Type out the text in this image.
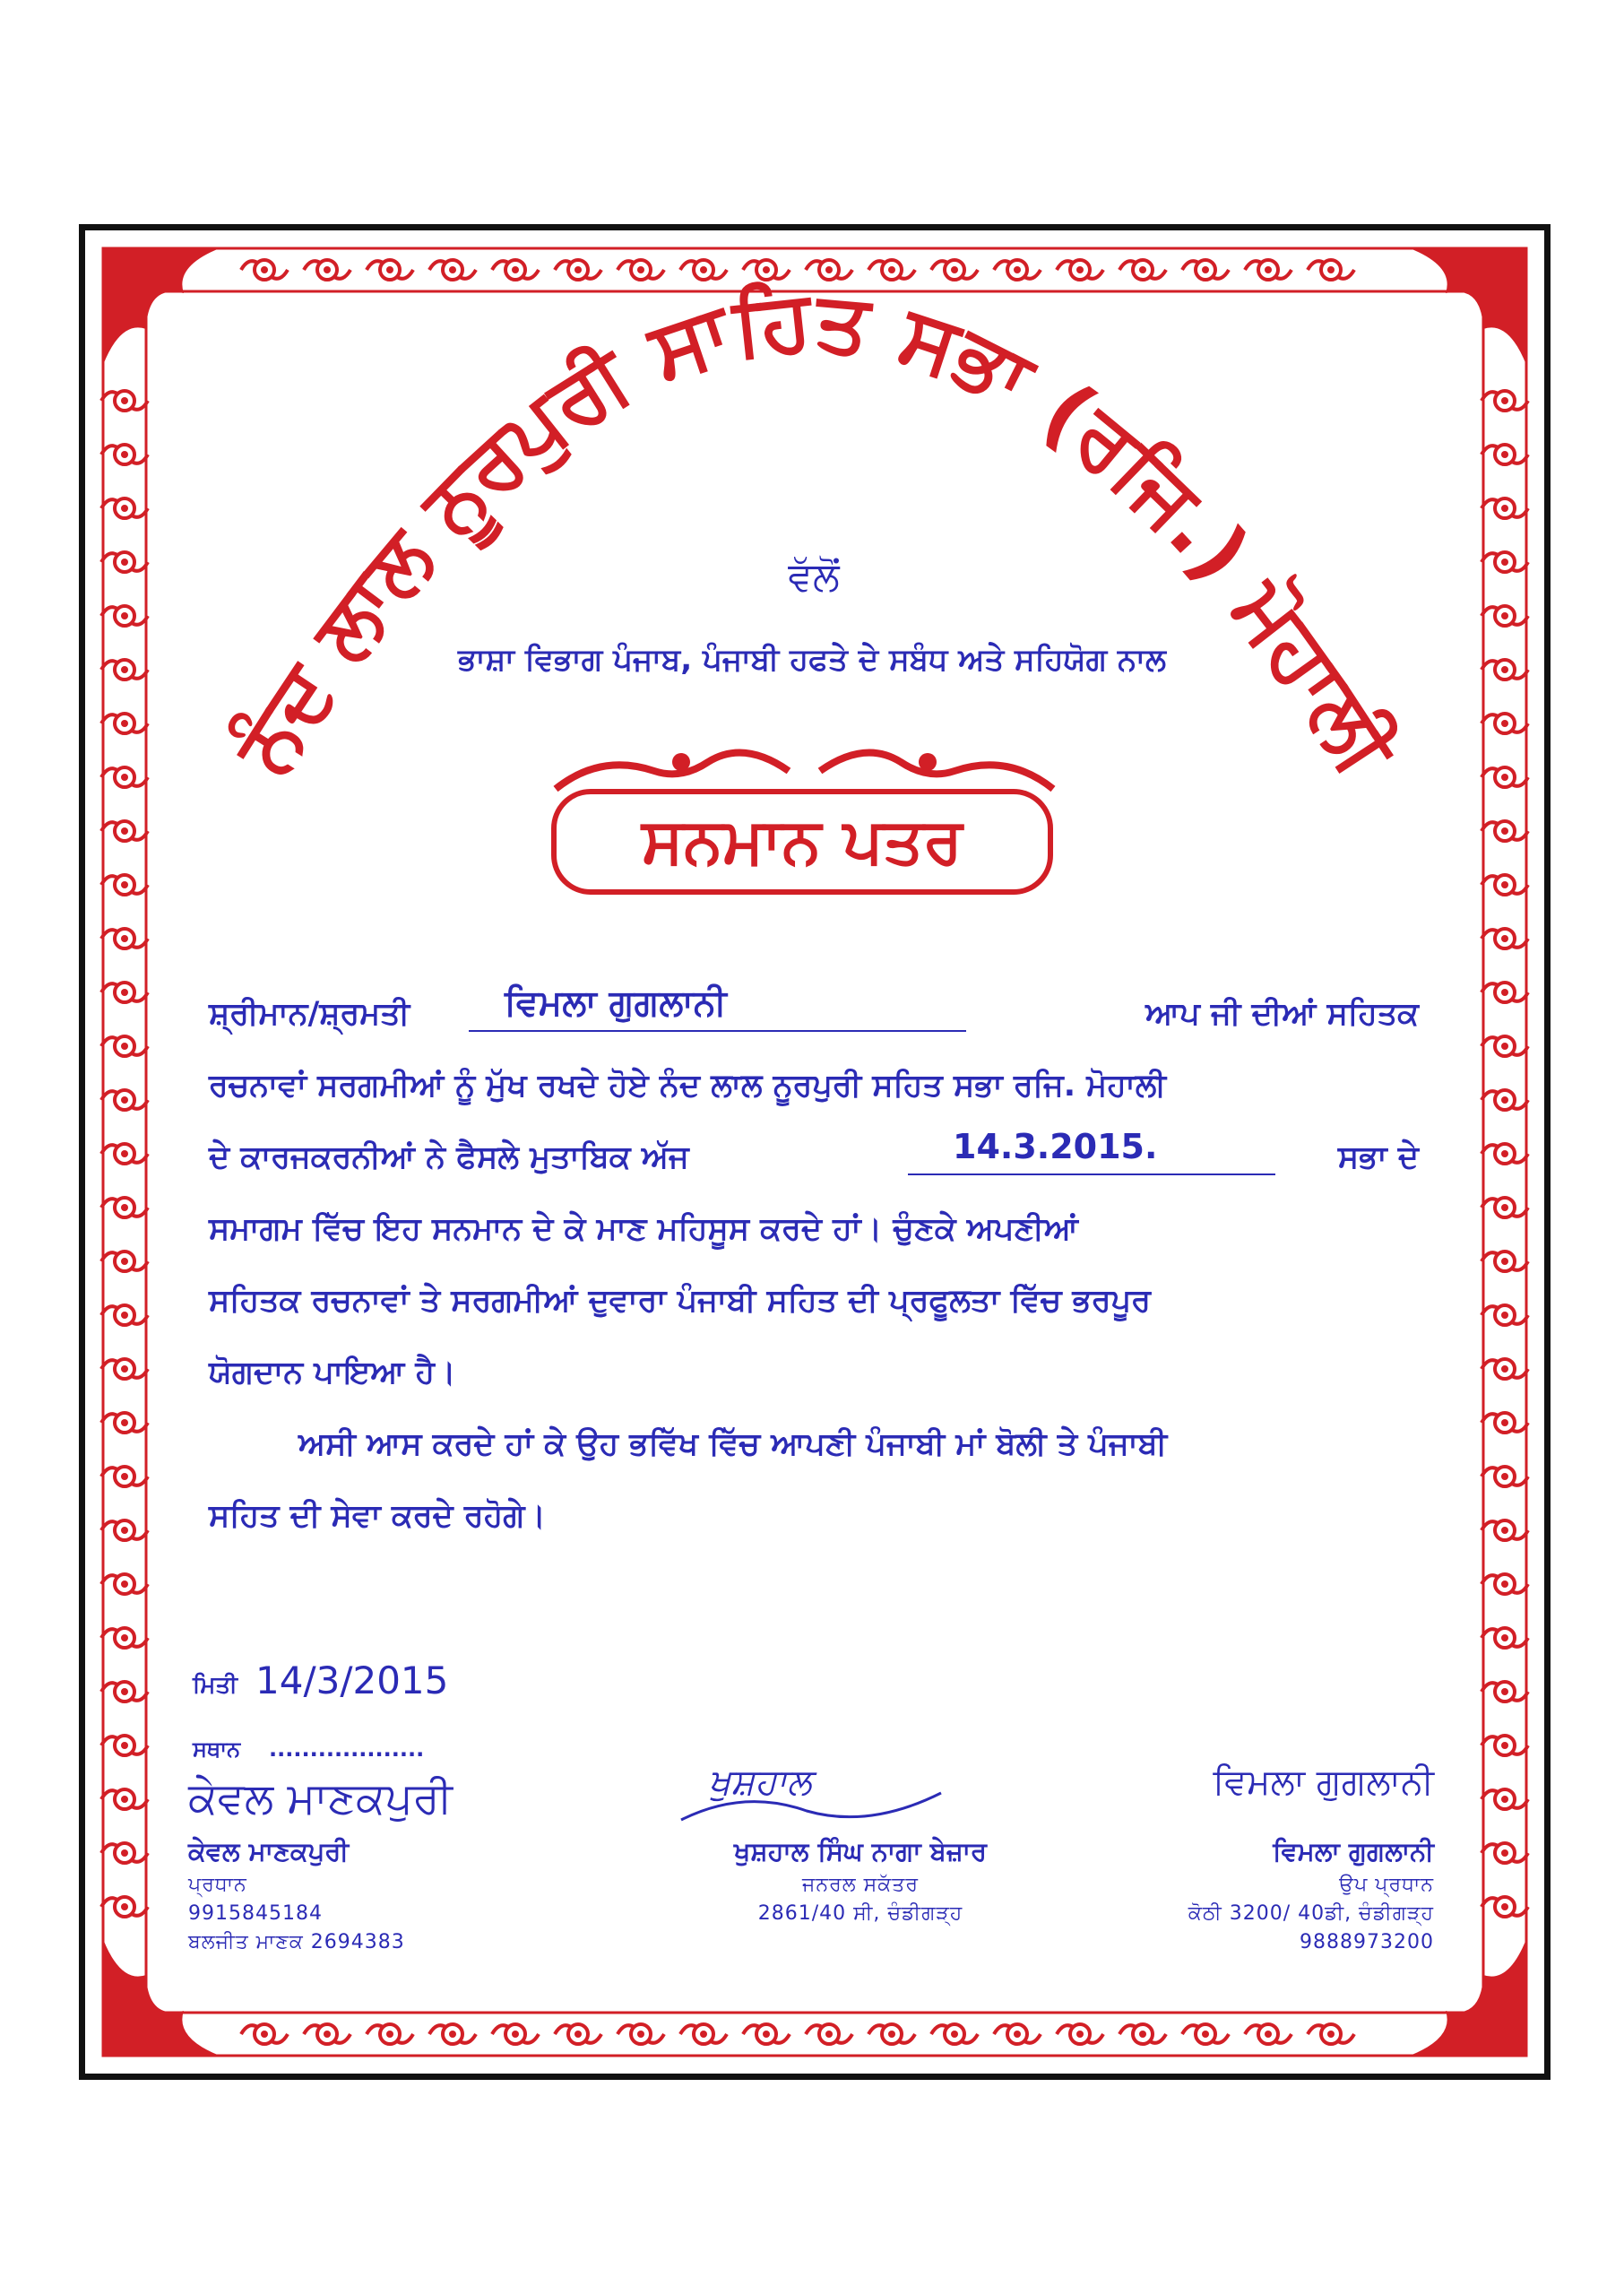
ਨੰਦ ਲਾਲ ਨੂਰਪੁਰੀ ਸਾਹਿਤ ਸਭਾ (ਰਜਿ.) ਮੋਹਾਲੀ
ਵੱਲੋਂ
ਭਾਸ਼ਾ ਵਿਭਾਗ ਪੰਜਾਬ, ਪੰਜਾਬੀ ਹਫਤੇ ਦੇ ਸਬੰਧ ਅਤੇ ਸਹਿਯੋਗ ਨਾਲ
ਸਨਮਾਨ ਪਤਰ
ਸ਼੍ਰੀਮਾਨ/ਸ਼੍ਰਮਤੀ	ਵਿਮਲਾ ਗੁਗਲਾਨੀ	ਆਪ ਜੀ ਦੀਆਂ ਸਹਿਤਕ
ਰਚਨਾਵਾਂ ਸਰਗਮੀਆਂ ਨੂੰ ਮੁੱਖ ਰਖਦੇ ਹੋਏ ਨੰਦ ਲਾਲ ਨੂਰਪੁਰੀ ਸਹਿਤ ਸਭਾ ਰਜਿ. ਮੋਹਾਲੀ
ਦੇ ਕਾਰਜਕਰਨੀਆਂ ਨੇ ਫੈਸਲੇ ਮੁਤਾਬਿਕ ਅੱਜ	14.3.2015.	ਸਭਾ ਦੇ
ਸਮਾਗਮ ਵਿੱਚ ਇਹ ਸਨਮਾਨ ਦੇ ਕੇ ਮਾਣ ਮਹਿਸੂਸ ਕਰਦੇ ਹਾਂ। ਚੁੰਣਕੇ ਅਪਣੀਆਂ
ਸਹਿਤਕ ਰਚਨਾਵਾਂ ਤੇ ਸਰਗਮੀਆਂ ਦੁਵਾਰਾ ਪੰਜਾਬੀ ਸਹਿਤ ਦੀ ਪ੍ਰਫੂਲਤਾ ਵਿੱਚ ਭਰਪੂਰ
ਯੋਗਦਾਨ ਪਾਇਆ ਹੈ।
ਅਸੀ ਆਸ ਕਰਦੇ ਹਾਂ ਕੇ ਉਹ ਭਵਿੱਖ ਵਿੱਚ ਆਪਣੀ ਪੰਜਾਬੀ ਮਾਂ ਬੋਲੀ ਤੇ ਪੰਜਾਬੀ
ਸਹਿਤ ਦੀ ਸੇਵਾ ਕਰਦੇ ਰਹੋਗੇ।
ਮਿਤੀ 14/3/2015
ਸਥਾਨ ...................
ਕੇਵਲ ਮਾਣਕਪੁਰੀ
ਕੇਵਲ ਮਾਣਕਪੁਰੀ
ਪ੍ਰਧਾਨ
9915845184
ਬਲਜੀਤ ਮਾਣਕ 2694383
ਖੁਸ਼ਹਾਲ
ਖੁਸ਼ਹਾਲ ਸਿੰਘ ਨਾਗਾ ਬੇਜ਼ਾਰ
ਜਨਰਲ ਸਕੱਤਰ
2861/40 ਸੀ, ਚੰਡੀਗੜ੍ਹ
ਵਿਮਲਾ ਗੁਗਲਾਨੀ
ਵਿਮਲਾ ਗੁਗਲਾਨੀ
ਉਪ ਪ੍ਰਧਾਨ
ਕੋਠੀ 3200/ 40ਡੀ, ਚੰਡੀਗੜ੍ਹ
9888973200
